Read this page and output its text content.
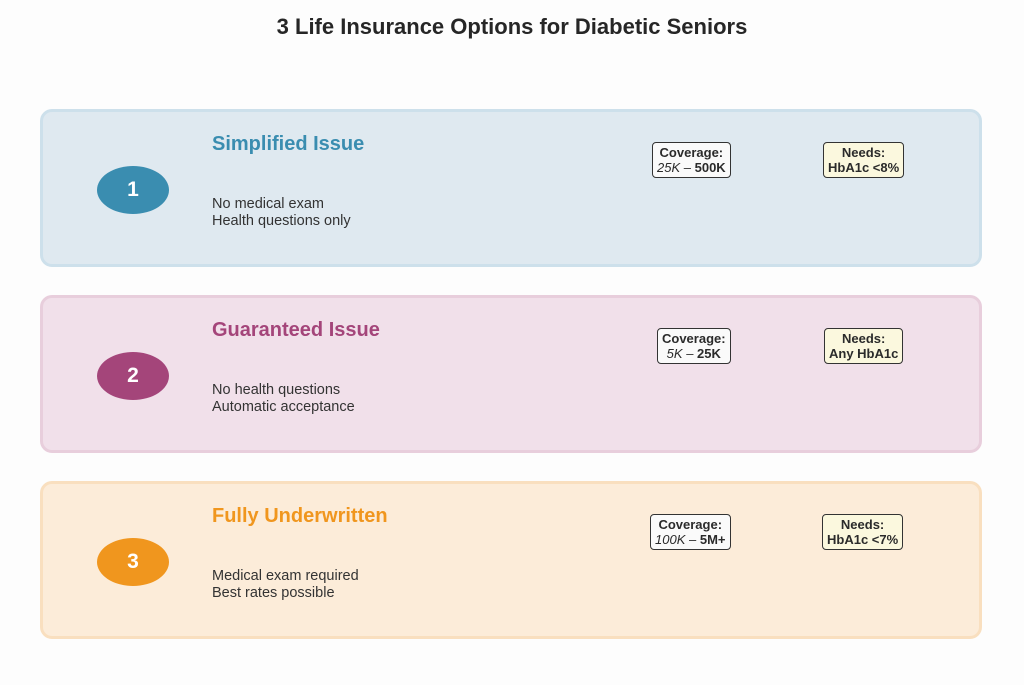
3 Life Insurance Options for Diabetic Seniors
1
Simplified Issue
No medical exam
Health questions only
Coverage:
25K – 500K
Needs:
HbA1c <8%
2
Guaranteed Issue
No health questions
Automatic acceptance
Coverage:
5K – 25K
Needs:
Any HbA1c
3
Fully Underwritten
Medical exam required
Best rates possible
Coverage:
100K – 5M+
Needs:
HbA1c <7%
